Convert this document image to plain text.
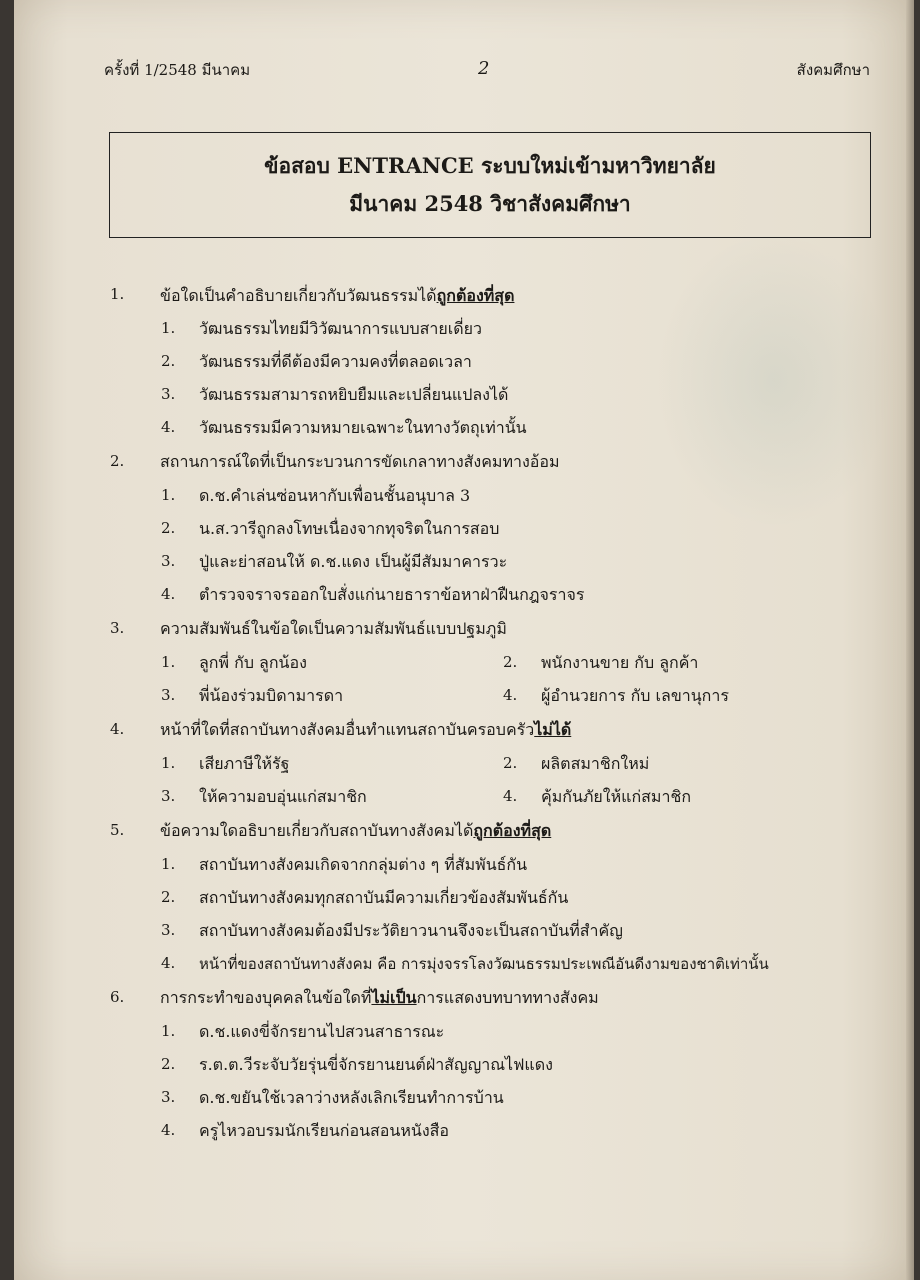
ครั้งที่ 1/2548 มีนาคม	2	สังคมศึกษา
ข้อสอบ ENTRANCE ระบบใหม่เข้ามหาวิทยาลัย
มีนาคม 2548 วิชาสังคมศึกษา
1. ข้อใดเป็นคำอธิบายเกี่ยวกับวัฒนธรรมได้ถูกต้องที่สุด
1. วัฒนธรรมไทยมีวิวัฒนาการแบบสายเดี่ยว
2. วัฒนธรรมที่ดีต้องมีความคงที่ตลอดเวลา
3. วัฒนธรรมสามารถหยิบยืมและเปลี่ยนแปลงได้
4. วัฒนธรรมมีความหมายเฉพาะในทางวัตถุเท่านั้น
2. สถานการณ์ใดที่เป็นกระบวนการขัดเกลาทางสังคมทางอ้อม
1. ด.ช.คำเล่นซ่อนหากับเพื่อนชั้นอนุบาล 3
2. น.ส.วารีถูกลงโทษเนื่องจากทุจริตในการสอบ
3. ปู่และย่าสอนให้ ด.ช.แดง เป็นผู้มีสัมมาคารวะ
4. ตำรวจจราจรออกใบสั่งแก่นายธาราข้อหาฝ่าฝืนกฎจราจร
3. ความสัมพันธ์ในข้อใดเป็นความสัมพันธ์แบบปฐมภูมิ
1. ลูกพี่ กับ ลูกน้อง	2. พนักงานขาย กับ ลูกค้า
3. พี่น้องร่วมบิดามารดา	4. ผู้อำนวยการ กับ เลขานุการ
4. หน้าที่ใดที่สถาบันทางสังคมอื่นทำแทนสถาบันครอบครัวไม่ได้
1. เสียภาษีให้รัฐ	2. ผลิตสมาชิกใหม่
3. ให้ความอบอุ่นแก่สมาชิก	4. คุ้มกันภัยให้แก่สมาชิก
5. ข้อความใดอธิบายเกี่ยวกับสถาบันทางสังคมได้ถูกต้องที่สุด
1. สถาบันทางสังคมเกิดจากกลุ่มต่าง ๆ ที่สัมพันธ์กัน
2. สถาบันทางสังคมทุกสถาบันมีความเกี่ยวข้องสัมพันธ์กัน
3. สถาบันทางสังคมต้องมีประวัติยาวนานจึงจะเป็นสถาบันที่สำคัญ
4. หน้าที่ของสถาบันทางสังคม คือ การมุ่งจรรโลงวัฒนธรรมประเพณีอันดีงามของชาติเท่านั้น
6. การกระทำของบุคคลในข้อใดที่ไม่เป็นการแสดงบทบาททางสังคม
1. ด.ช.แดงขี่จักรยานไปสวนสาธารณะ
2. ร.ต.ต.วีระจับวัยรุ่นขี่จักรยานยนต์ฝ่าสัญญาณไฟแดง
3. ด.ช.ขยันใช้เวลาว่างหลังเลิกเรียนทำการบ้าน
4. ครูไหวอบรมนักเรียนก่อนสอนหนังสือ
